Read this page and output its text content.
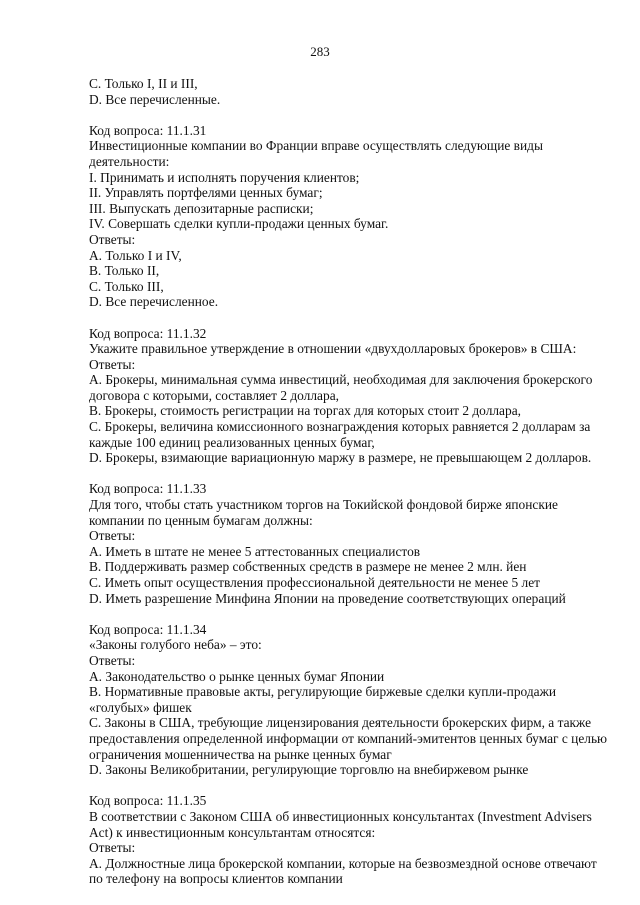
283
С. Только I, II и III,
D. Все перечисленные.
Код вопроса: 11.1.31
Инвестиционные компании во Франции вправе осуществлять следующие виды
деятельности:
I. Принимать и исполнять поручения клиентов;
II. Управлять портфелями ценных бумаг;
III. Выпускать депозитарные расписки;
IV. Совершать сделки купли-продажи ценных бумаг.
Ответы:
А. Только I и IV,
B. Только II,
С. Только III,
D. Все перечисленное.
Код вопроса: 11.1.32
Укажите правильное утверждение в отношении «двухдолларовых брокеров» в США:
Ответы:
А. Брокеры, минимальная сумма инвестиций, необходимая для заключения брокерского
договора с которыми, составляет 2 доллара,
B. Брокеры, стоимость регистрации на торгах для которых стоит 2 доллара,
С. Брокеры, величина комиссионного вознаграждения которых равняется 2 долларам за
каждые 100 единиц реализованных ценных бумаг,
D. Брокеры, взимающие вариационную маржу в размере, не превышающем 2 долларов.
Код вопроса: 11.1.33
Для того, чтобы стать участником торгов на Токийской фондовой бирже японские
компании по ценным бумагам должны:
Ответы:
А. Иметь в штате не менее 5 аттестованных специалистов
B. Поддерживать размер собственных средств в размере не менее 2 млн. йен
С. Иметь опыт осуществления профессиональной деятельности не менее 5 лет
D. Иметь разрешение Минфина Японии на проведение соответствующих операций
Код вопроса: 11.1.34
«Законы голубого неба» – это:
Ответы:
А. Законодательство о рынке ценных бумаг Японии
B. Нормативные правовые акты, регулирующие биржевые сделки купли-продажи
«голубых» фишек
С. Законы в США, требующие лицензирования деятельности брокерских фирм, а также
предоставления определенной информации от компаний-эмитентов ценных бумаг с целью
ограничения мошенничества на рынке ценных бумаг
D. Законы Великобритании, регулирующие торговлю на внебиржевом рынке
Код вопроса: 11.1.35
В соответствии с Законом США об инвестиционных консультантах (Investment Advisers
Act) к инвестиционным консультантам относятся:
Ответы:
А. Должностные лица брокерской компании, которые на безвозмездной основе отвечают
по телефону на вопросы клиентов компании
